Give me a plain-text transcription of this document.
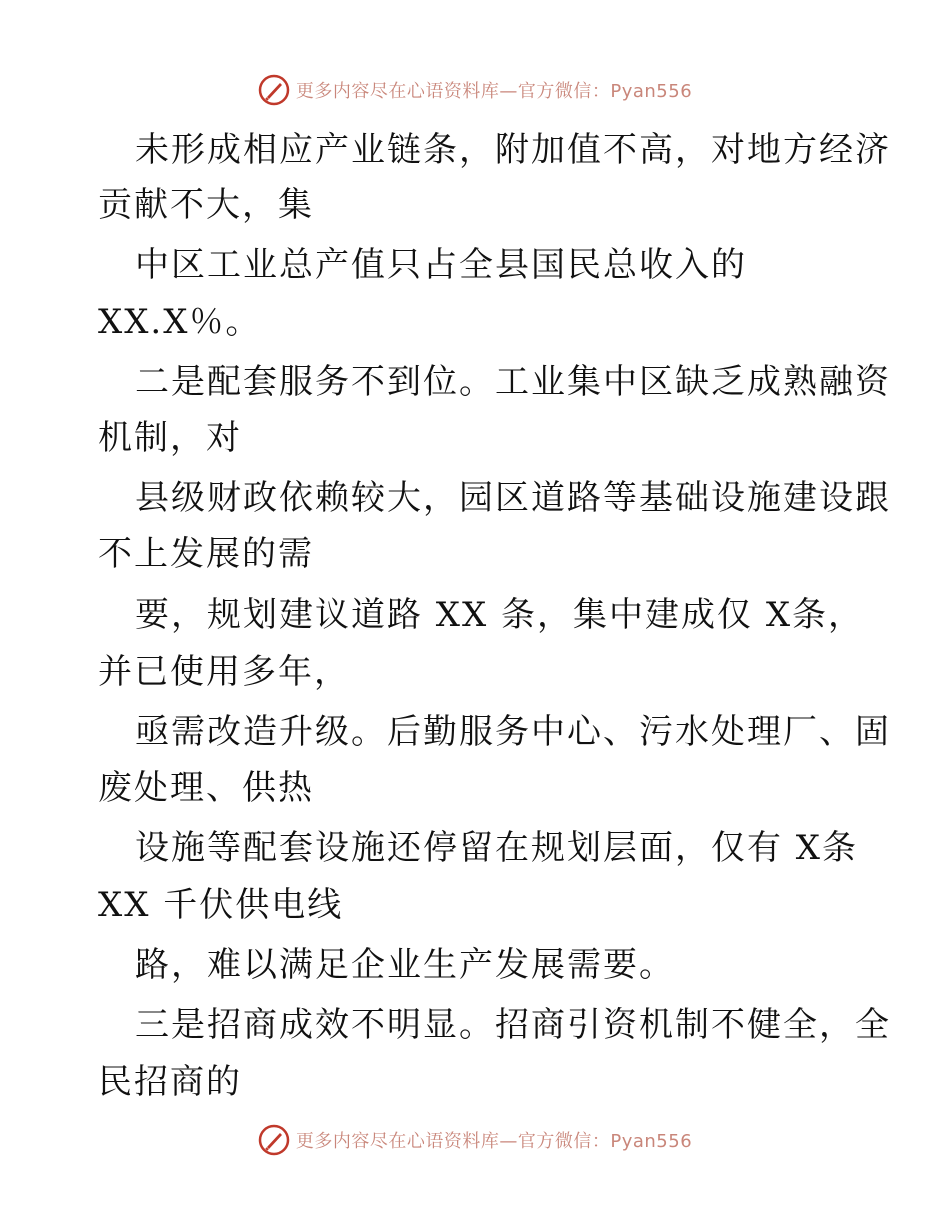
更多内容尽在心语资料库—官方微信：Pyan556
未形成相应产业链条，附加值不高，对地方经济
贡献不大，集
中区工业总产值只占全县国民总收入的
XX.X％。
二是配套服务不到位。工业集中区缺乏成熟融资
机制，对
县级财政依赖较大，园区道路等基础设施建设跟
不上发展的需
要，规划建议道路 XX 条，集中建成仅 X条，
并已使用多年，
亟需改造升级。后勤服务中心、污水处理厂、固
废处理、供热
设施等配套设施还停留在规划层面，仅有 X条
XX 千伏供电线
路，难以满足企业生产发展需要。
三是招商成效不明显。招商引资机制不健全，全
民招商的
更多内容尽在心语资料库—官方微信：Pyan556
